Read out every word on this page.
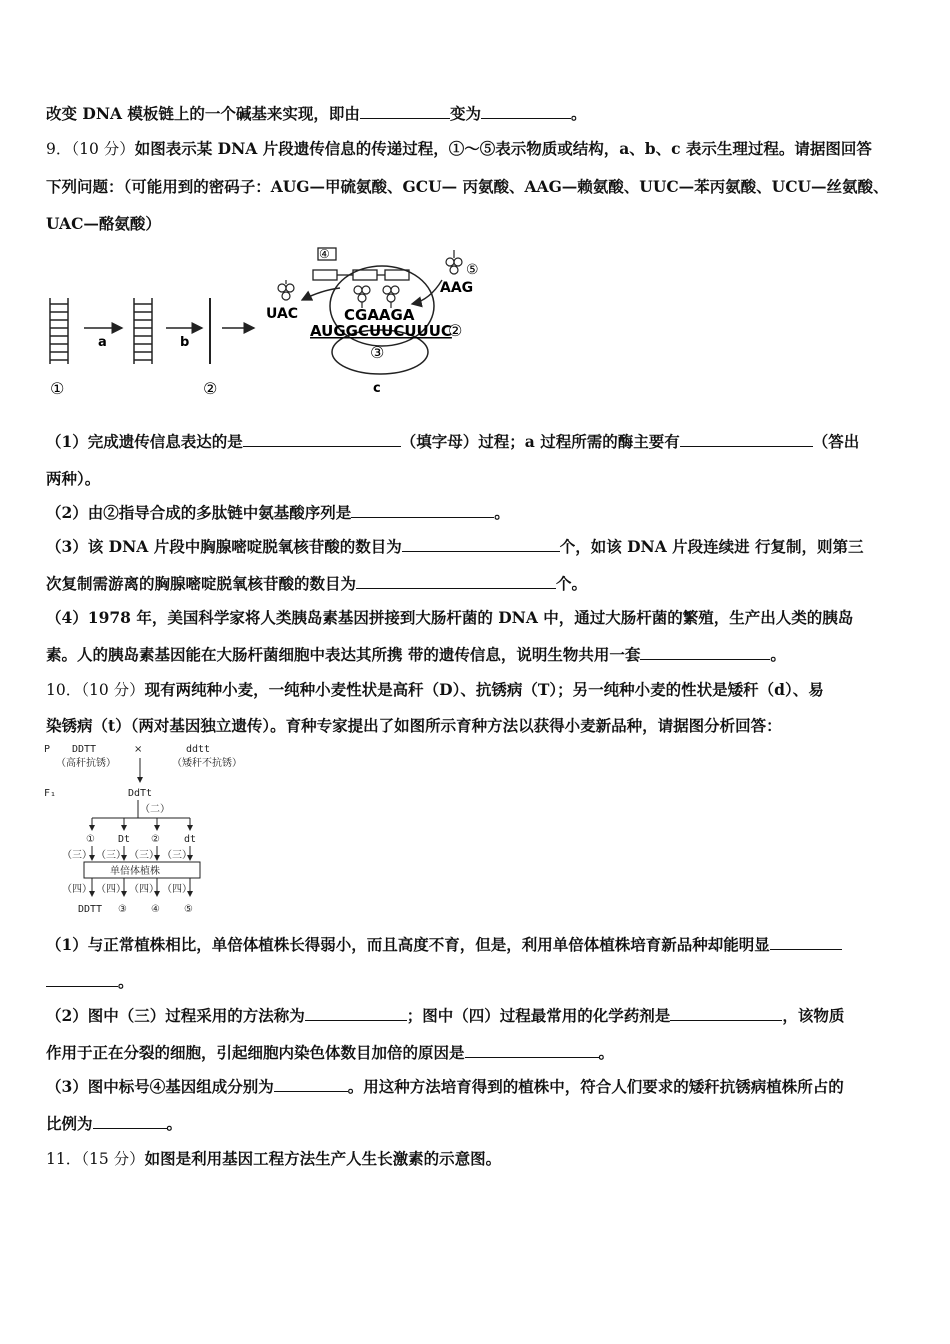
改变 DNA 模板链上的一个碱基来实现，即由	变为	。
9．（10 分）如图表示某 DNA 片段遗传信息的传递过程，①～⑤表示物质或结构，a、b、c 表示生理过程。请据图回答
下列问题：（可能用到的密码子：AUG—甲硫氨酸、GCU— 丙氨酸、AAG—赖氨酸、UUC—苯丙氨酸、UCU—丝氨酸、
UAC—酪氨酸）
①
a	b
②
③
c
④
CGAAGA
AUGGCUUCUUUC
②
UAC
⑤
AAG
（1）完成遗传信息表达的是	（填字母）过程；a 过程所需的酶主要有	（答出
两种）。
（2）由②指导合成的多肽链中氨基酸序列是	。
（3）该 DNA 片段中胸腺嘧啶脱氧核苷酸的数目为	个，如该 DNA 片段连续进 行复制，则第三
次复制需游离的胸腺嘧啶脱氧核苷酸的数目为	个。
（4）1978 年，美国科学家将人类胰岛素基因拼接到大肠杆菌的 DNA 中，通过大肠杆菌的繁殖，生产出人类的胰岛
素。人的胰岛素基因能在大肠杆菌细胞中表达其所携 带的遗传信息，说明生物共用一套	。
10．（10 分）现有两纯种小麦，一纯种小麦性状是高秆（D）、抗锈病（T）；另一纯种小麦的性状是矮秆（d）、易
染锈病（t）（两对基因独立遗传）。育种专家提出了如图所示育种方法以获得小麦新品种，请据图分析回答：
P DDTT	×	ddtt
（高秆抗锈）	（矮秆不抗锈）
F₁	DdTt
（二）
① Dt ② dt
（三） （三） （三） （三）
单倍体植株
（四） （四） （四） （四）
DDTT ③ ④ ⑤
（1）与正常植株相比，单倍体植株长得弱小，而且高度不育，但是，利用单倍体植株培育新品种却能明显
。
（2）图中（三）过程采用的方法称为	；图中（四）过程最常用的化学药剂是	，该物质
作用于正在分裂的细胞，引起细胞内染色体数目加倍的原因是	。
（3）图中标号④基因组成分别为	。用这种方法培育得到的植株中，符合人们要求的矮秆抗锈病植株所占的
比例为	。
11．（15 分）如图是利用基因工程方法生产人生长激素的示意图。
